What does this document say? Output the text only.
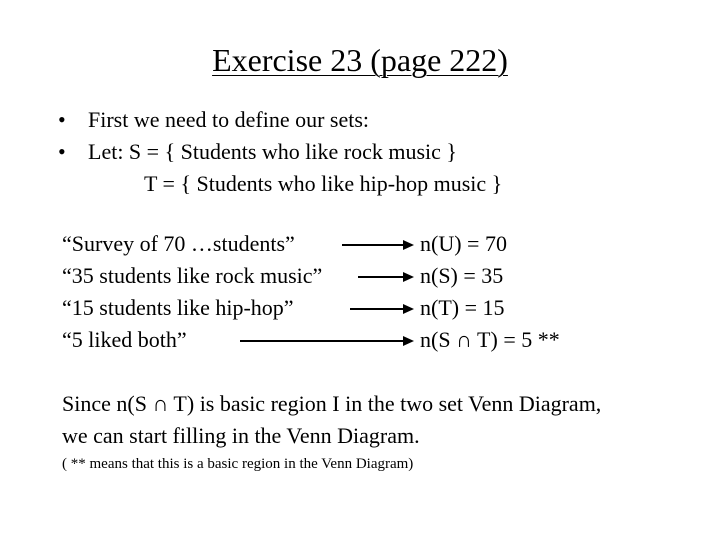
Exercise 23 (page 222)
•	First we need to define our sets:
•	Let: S = { Students who like rock music }
T = { Students who like hip-hop music }
“Survey of 70 …students”	n(U) = 70
“35 students like rock music”	n(S) = 35
“15 students like hip-hop”	n(T) = 15
“5 liked both”	n(S ∩ T) = 5 **
Since n(S ∩ T) is basic region I in the two set Venn Diagram,
we can start filling in the Venn Diagram.
( ** means that this is a basic region in the Venn Diagram)
